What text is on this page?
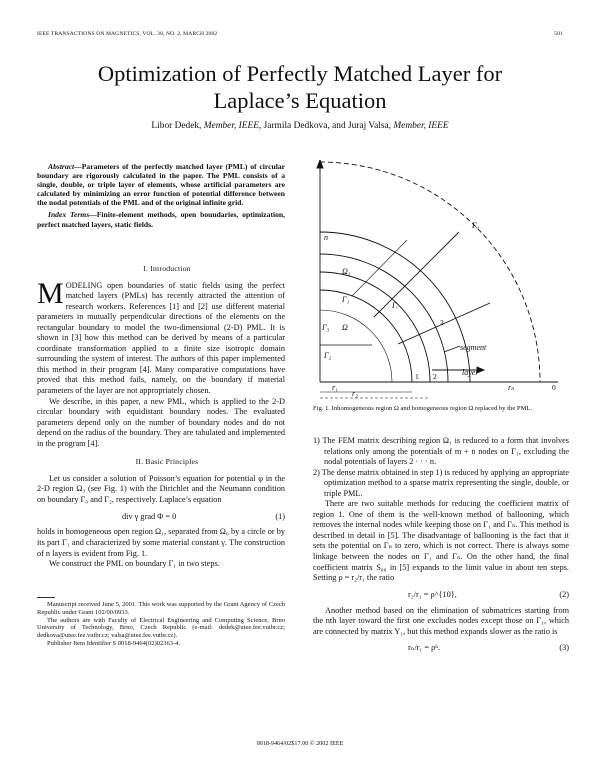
IEEE TRANSACTIONS ON MAGNETICS, VOL. 38, NO. 2, MARCH 2002	501
Optimization of Perfectly Matched Layer for
Laplace’s Equation
Libor Dedek, Member, IEEE, Jarmila Dedkova, and Juraj Valsa, Member, IEEE

Abstract—Parameters of the perfectly matched layer (PML) of circular boundary are rigorously calculated in the paper. The PML consists of a single, double, or triple layer of elements, whose artificial parameters are calculated by minimizing an error function of potential difference between the nodal potentials of the PML and of the original infinite grid.

Index Terms—Finite-element methods, open boundaries, optimization, perfect matched layers, static fields.

I. Introduction

MODELING open boundaries of static fields using the perfect matched layers (PMLs) has recently attracted the attention of research workers. References [1] and [2] use different material parameters in mutually perpendicular directions of the elements on the rectangular boundary to model the two-dimensional (2-D) PML. It is shown in [3] how this method can be derived by means of a particular coordinate transformation applied to a finite size isotropic domain surrounding the system of interest. The authors of this paper implemented this method in their program [4]. Many comparative computations have proved that this method fails, namely, on the boundary if material parameters of the layer are not appropriately chosen.

We describe, in this paper, a new PML, which is applied to the 2-D circular boundary with equidistant boundary nodes. The evaluated parameters depend only on the number of boundary nodes and do not depend on the radius of the boundary. They are tabulated and implemented in the program [4].

II. Basic Principles

Let us consider a solution of Poisson’s equation for potential φ in the 2-D region Ω₃ (see Fig. 1) with the Dirichlet and the Neumann condition on boundary Γ₀ and Γ₂, respectively. Laplace’s equation

div γ grad Φ = 0	(1)

holds in homogeneous open region Ω₁, separated from Ω₀ by a circle or by its part Γ₁ and characterized by some material constant γ. The construction of n layers is evident from Fig. 1.

We construct the PML on boundary Γ₁ in two steps.

Manuscript received June 5, 2001. This work was supported by the Grant Agency of Czech Republic under Grant 102/00/0933.

The authors are with Faculty of Electrical Engineering and Computing Science, Brno University of Technology, Brno, Czech Republic (e-mail: dedek@utee.fee.vutbr.cz; dedkova@utee.fee.vutbr.cz; valsa@utee.fee.vutbr.cz).

Publisher Item Identifier S 0018-9464(02)02363-4.

Ω₁
Ω
Γ₃
Γ₂
Γ₁
Γᵢ
Γₐ
n
layer
segment
r₁
r₂
rₙ
1 2
2
0
Fig. 1. Inhomogeneous region Ω and homogeneous region Ω replaced by the PML.
1) The FEM matrix describing region Ω₁ is reduced to a form that involves relations only among the potentials of m + n nodes on Γ₁, excluding the nodal potentials of layers 2 · · · n.
2) The dense matrix obtained in step 1) is reduced by applying an appropriate optimization method to a sparse matrix representing the single, double, or triple PML.

There are two suitable methods for reducing the coefficient matrix of region 1. One of them is the well-known method of ballooning, which removes the internal nodes while keeping those on Γ₁ and Γₙ. This method is described in detail in [5]. The disadvantage of ballooning is the fact that it sets the potential on Γₙ to zero, which is not correct. There is always some linkage between the nodes on Γ₁ and Γₙ. On the other hand, the final coefficient matrix S₀₀ in [5] expands to the limit value in about ten steps. Setting ρ = r₂/r₁ the ratio

r₂/r₁ = ρ^{10},	(2)

Another method based on the elimination of submatrices starting from the nth layer toward the first one excludes nodes except those on Γ₁, which are connected by matrix Y₁, but this method expands slower as the ratio is

rₙ/r₁ = ρⁿ.	(3)
0018-9464/02$17.00 © 2002 IEEE
